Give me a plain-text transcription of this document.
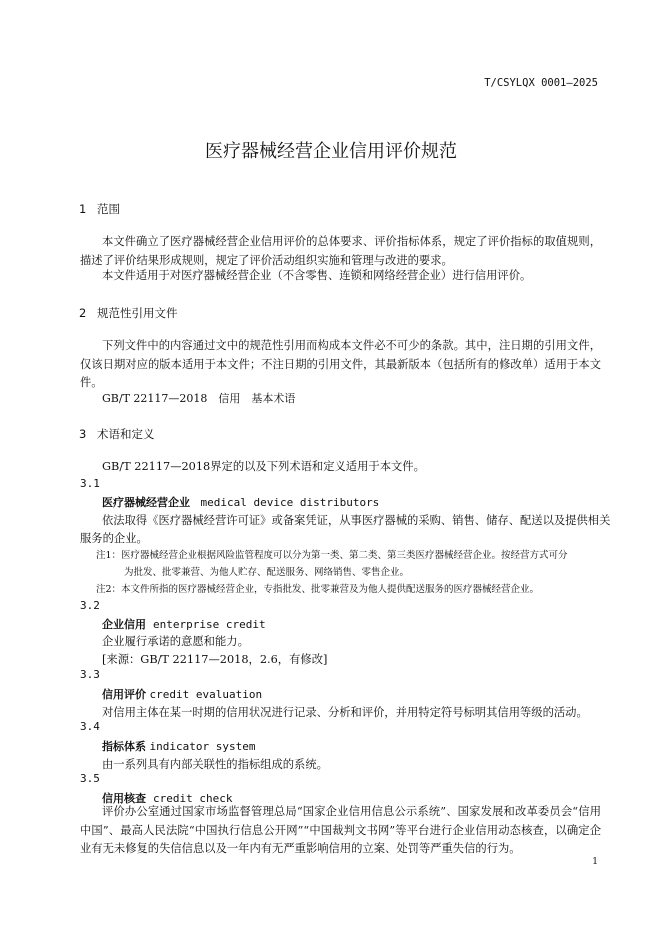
T/CSYLQX 0001—2025
医疗器械经营企业信用评价规范
1 范围
本文件确立了医疗器械经营企业信用评价的总体要求、评价指标体系，规定了评价指标的取值规则，描述了评价结果形成规则，规定了评价活动组织实施和管理与改进的要求。
本文件适用于对医疗器械经营企业（不含零售、连锁和网络经营企业）进行信用评价。
2 规范性引用文件
下列文件中的内容通过文中的规范性引用而构成本文件必不可少的条款。其中，注日期的引用文件，仅该日期对应的版本适用于本文件；不注日期的引用文件，其最新版本（包括所有的修改单）适用于本文件。
GB/T 22117—2018　信用　基本术语
3 术语和定义
GB/T 22117—2018界定的以及下列术语和定义适用于本文件。
3.1
医疗器械经营企业 medical device distributors
依法取得《医疗器械经营许可证》或备案凭证，从事医疗器械的采购、销售、储存、配送以及提供相关
服务的企业。
注1：医疗器械经营企业根据风险监管程度可以分为第一类、第二类、第三类医疗器械经营企业。按经营方式可分
为批发、批零兼营、为他人贮存、配送服务、网络销售、零售企业。
注2：本文件所指的医疗器械经营企业，专指批发、批零兼营及为他人提供配送服务的医疗器械经营企业。
3.2
企业信用 enterprise credit
企业履行承诺的意愿和能力。
[来源：GB/T 22117—2018，2.6，有修改]
3.3
信用评价 credit evaluation
对信用主体在某一时期的信用状况进行记录、分析和评价，并用特定符号标明其信用等级的活动。
3.4
指标体系 indicator system
由一系列具有内部关联性的指标组成的系统。
3.5
信用核查 credit check
评价办公室通过国家市场监督管理总局“国家企业信用信息公示系统”、国家发展和改革委员会“信用中国”、最高人民法院“中国执行信息公开网”“中国裁判文书网”等平台进行企业信用动态核查，以确定企业有无未修复的失信信息以及一年内有无严重影响信用的立案、处罚等严重失信的行为。
1
